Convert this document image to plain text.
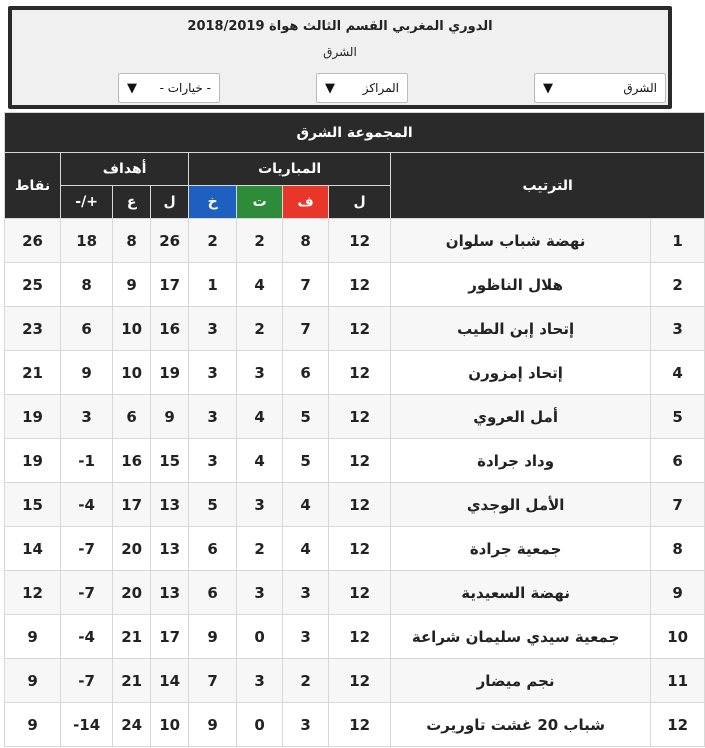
الدوري المغربي القسم الثالث هواة 2018/2019
الشرق
الشرق
▼
المراكز
▼
- خيارات -
▼
المجموعة الشرق									
الترتيب		المباريات				أهداف			نقاط
		ل	ف	ت	خ	ل	ع	+/-	
1	نهضة شباب سلوان	12	8	2	2	26	8	18	26
2	هلال الناظور	12	7	4	1	17	9	8	25
3	إتحاد إبن الطيب	12	7	2	3	16	10	6	23
4	إتحاد إمزورن	12	6	3	3	19	10	9	21
5	أمل العروي	12	5	4	3	9	6	3	19
6	وداد جرادة	12	5	4	3	15	16	-1	19
7	الأمل الوجدي	12	4	3	5	13	17	-4	15
8	جمعية جرادة	12	4	2	6	13	20	-7	14
9	نهضة السعيدية	12	3	3	6	13	20	-7	12
10	جمعية سيدي سليمان شراعة	12	3	0	9	17	21	-4	9
11	نجم ميضار	12	2	3	7	14	21	-7	9
12	شباب 20 غشت تاوريرت	12	3	0	9	10	24	-14	9
